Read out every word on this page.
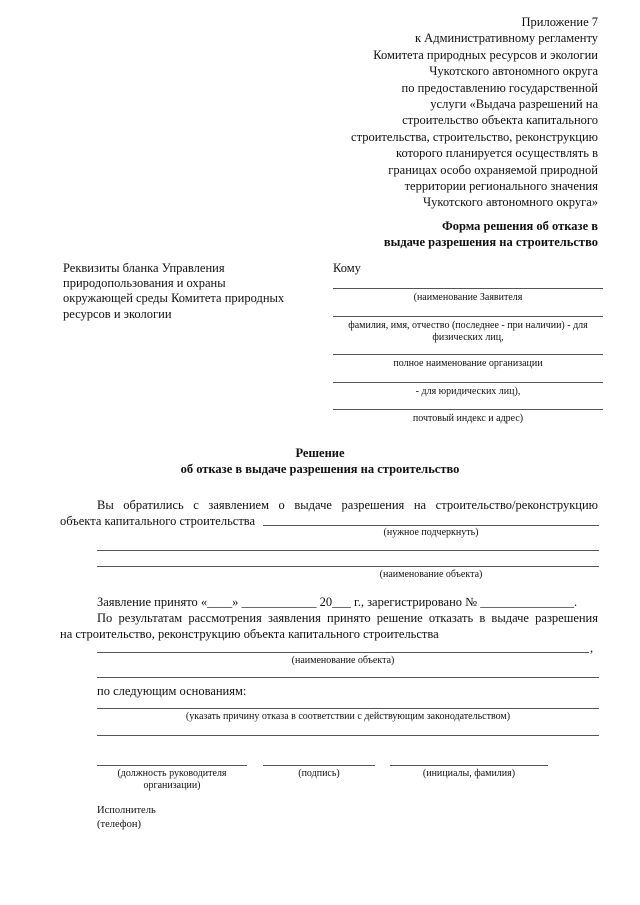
Приложение 7
к Административному регламенту
Комитета природных ресурсов и экологии
Чукотского автономного округа
по предоставлению государственной
услуги «Выдача разрешений на
строительство объекта капитального
строительства, строительство, реконструкцию
которого планируется осуществлять в
границах особо охраняемой природной
территории регионального значения
Чукотского автономного округа»
Форма решения об отказе в
выдаче разрешения на строительство
Реквизиты бланка Управления природопользования и охраны окружающей среды Комитета природных ресурсов и экологии
Кому
(наименование Заявителя
фамилия, имя, отчество (последнее - при наличии) - для физических лиц,
полное наименование организации
- для юридических лиц),
почтовый индекс и адрес)
Решение
об отказе в выдаче разрешения на строительство
Вы обратились с заявлением о выдаче разрешения на строительство/реконструкцию
объекта капитального строительства
(нужное подчеркнуть)
(наименование объекта)
Заявление принято «____» ____________ 20___ г., зарегистрировано № _______________.
По результатам рассмотрения заявления принято решение отказать в выдаче разрешения
на строительство, реконструкцию объекта капитального строительства
,
(наименование объекта)
по следующим основаниям:
(указать причину отказа в соответствии с действующим законодательством)
(должность руководителя организации)
(подпись)	(инициалы, фамилия)
Исполнитель
(телефон)
